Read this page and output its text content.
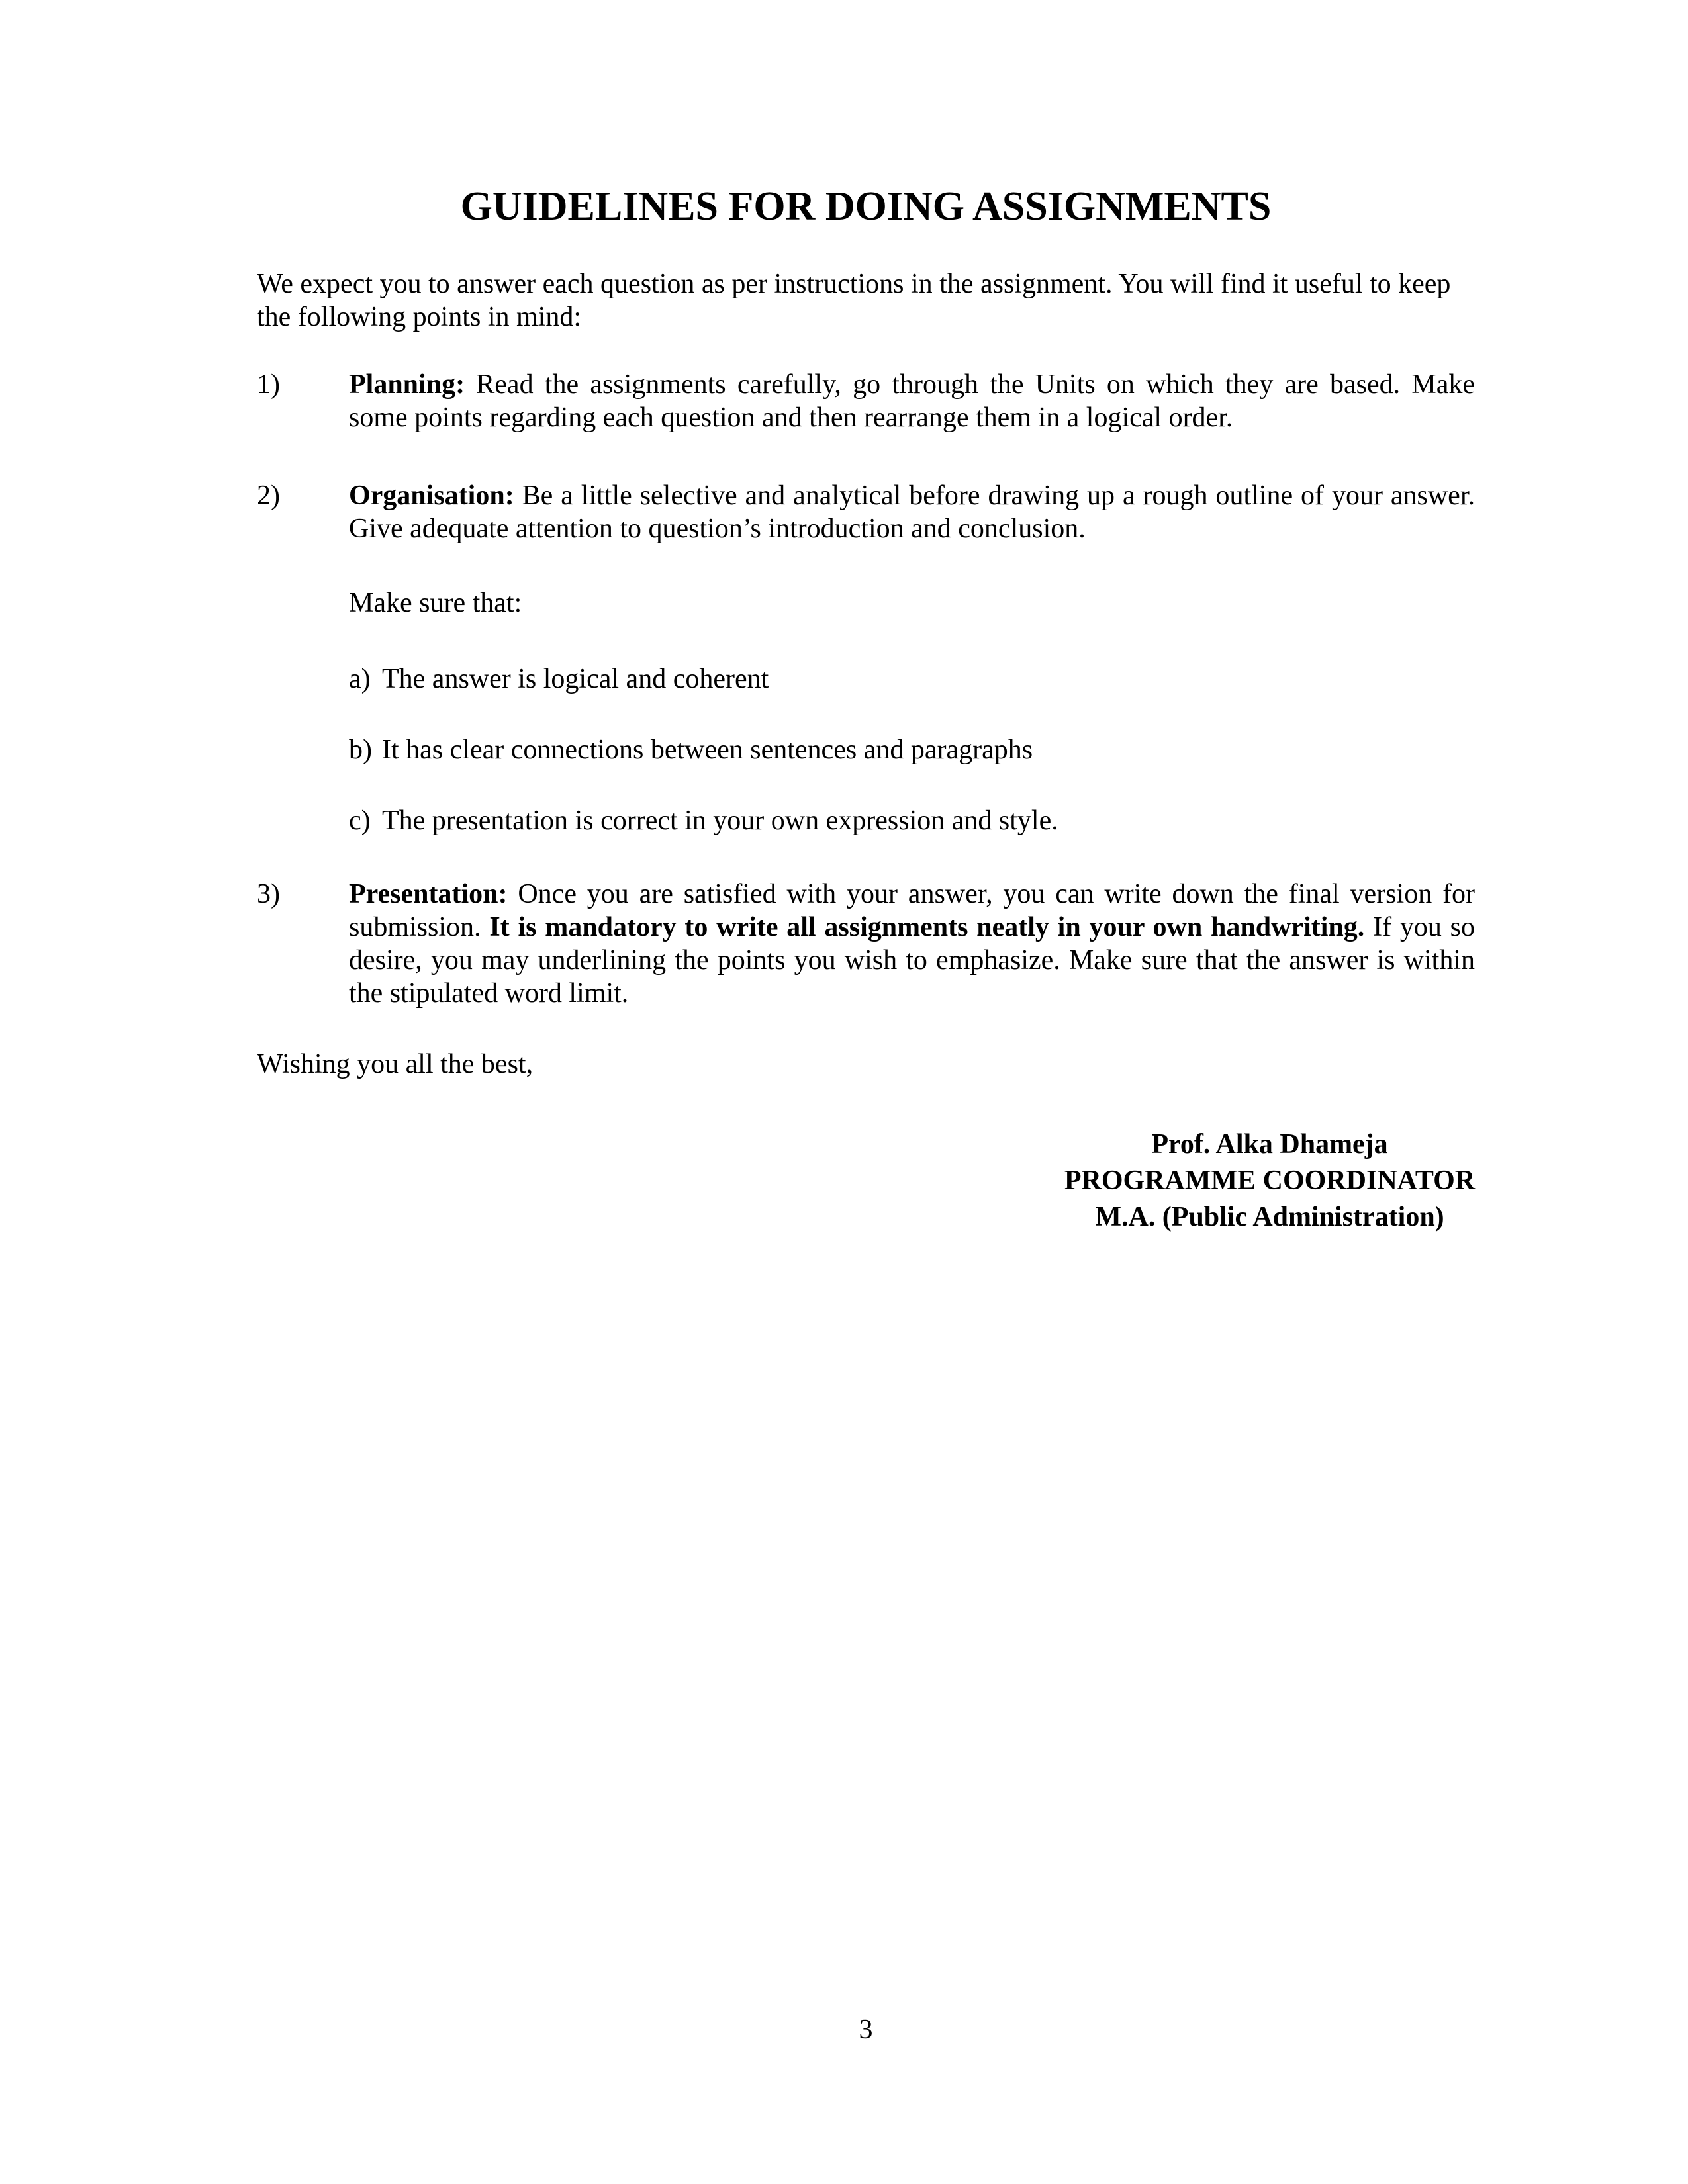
GUIDELINES FOR DOING ASSIGNMENTS

We expect you to answer each question as per instructions in the assignment. You will find it useful to keep the following points in mind:

1)	Planning: Read the assignments carefully, go through the Units on which they are based. Make some points regarding each question and then rearrange them in a logical order.

2)	Organisation: Be a little selective and analytical before drawing up a rough outline of your answer. Give adequate attention to question’s introduction and conclusion.

Make sure that:

a) The answer is logical and coherent
b) It has clear connections between sentences and paragraphs
c) The presentation is correct in your own expression and style.
3)	Presentation: Once you are satisfied with your answer, you can write down the final version for submission. It is mandatory to write all assignments neatly in your own handwriting. If you so desire, you may underlining the points you wish to emphasize. Make sure that the answer is within the stipulated word limit.

Wishing you all the best,

Prof. Alka Dhameja
PROGRAMME COORDINATOR
M.A. (Public Administration)
3
